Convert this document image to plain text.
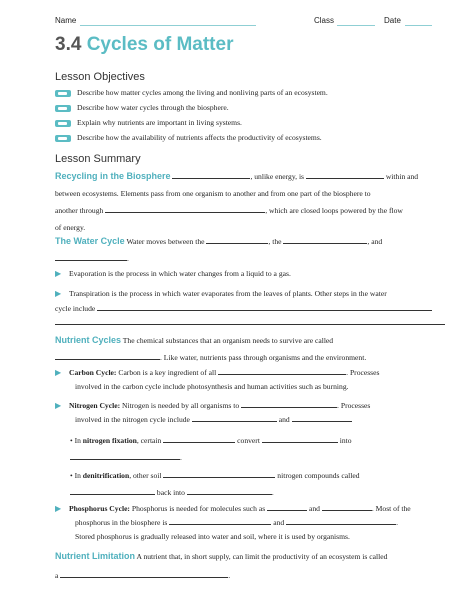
Name	Class	Date
3.4 Cycles of Matter
Lesson Objectives
Describe how matter cycles among the living and nonliving parts of an ecosystem.
Describe how water cycles through the biosphere.
Explain why nutrients are important in living systems.
Describe how the availability of nutrients affects the productivity of ecosystems.
Lesson Summary
Recycling in the Biosphere	, unlike energy, is	within and
between ecosystems. Elements pass from one organism to another and from one part of the biosphere to
another through	, which are closed loops powered by the flow
of energy.
The Water Cycle Water moves between the	, the	, and
.
▶ Evaporation is the process in which water changes from a liquid to a gas.
▶ Transpiration is the process in which water evaporates from the leaves of plants. Other steps in the water
cycle include
Nutrient Cycles The chemical substances that an organism needs to survive are called
. Like water, nutrients pass through organisms and the environment.
▶ Carbon Cycle: Carbon is a key ingredient of all	. Processes
involved in the carbon cycle include photosynthesis and human activities such as burning.
▶ Nitrogen Cycle: Nitrogen is needed by all organisms to	. Processes
involved in the nitrogen cycle include	and
• In nitrogen fixation, certain	convert	into
.
• In denitrification, other soil	nitrogen compounds called
back into	.
▶ Phosphorus Cycle: Phosphorus is needed for molecules such as	and	. Most of the
phosphorus in the biosphere is	and	.
Stored phosphorus is gradually released into water and soil, where it is used by organisms.
Nutrient Limitation A nutrient that, in short supply, can limit the productivity of an ecosystem is called
a	.
